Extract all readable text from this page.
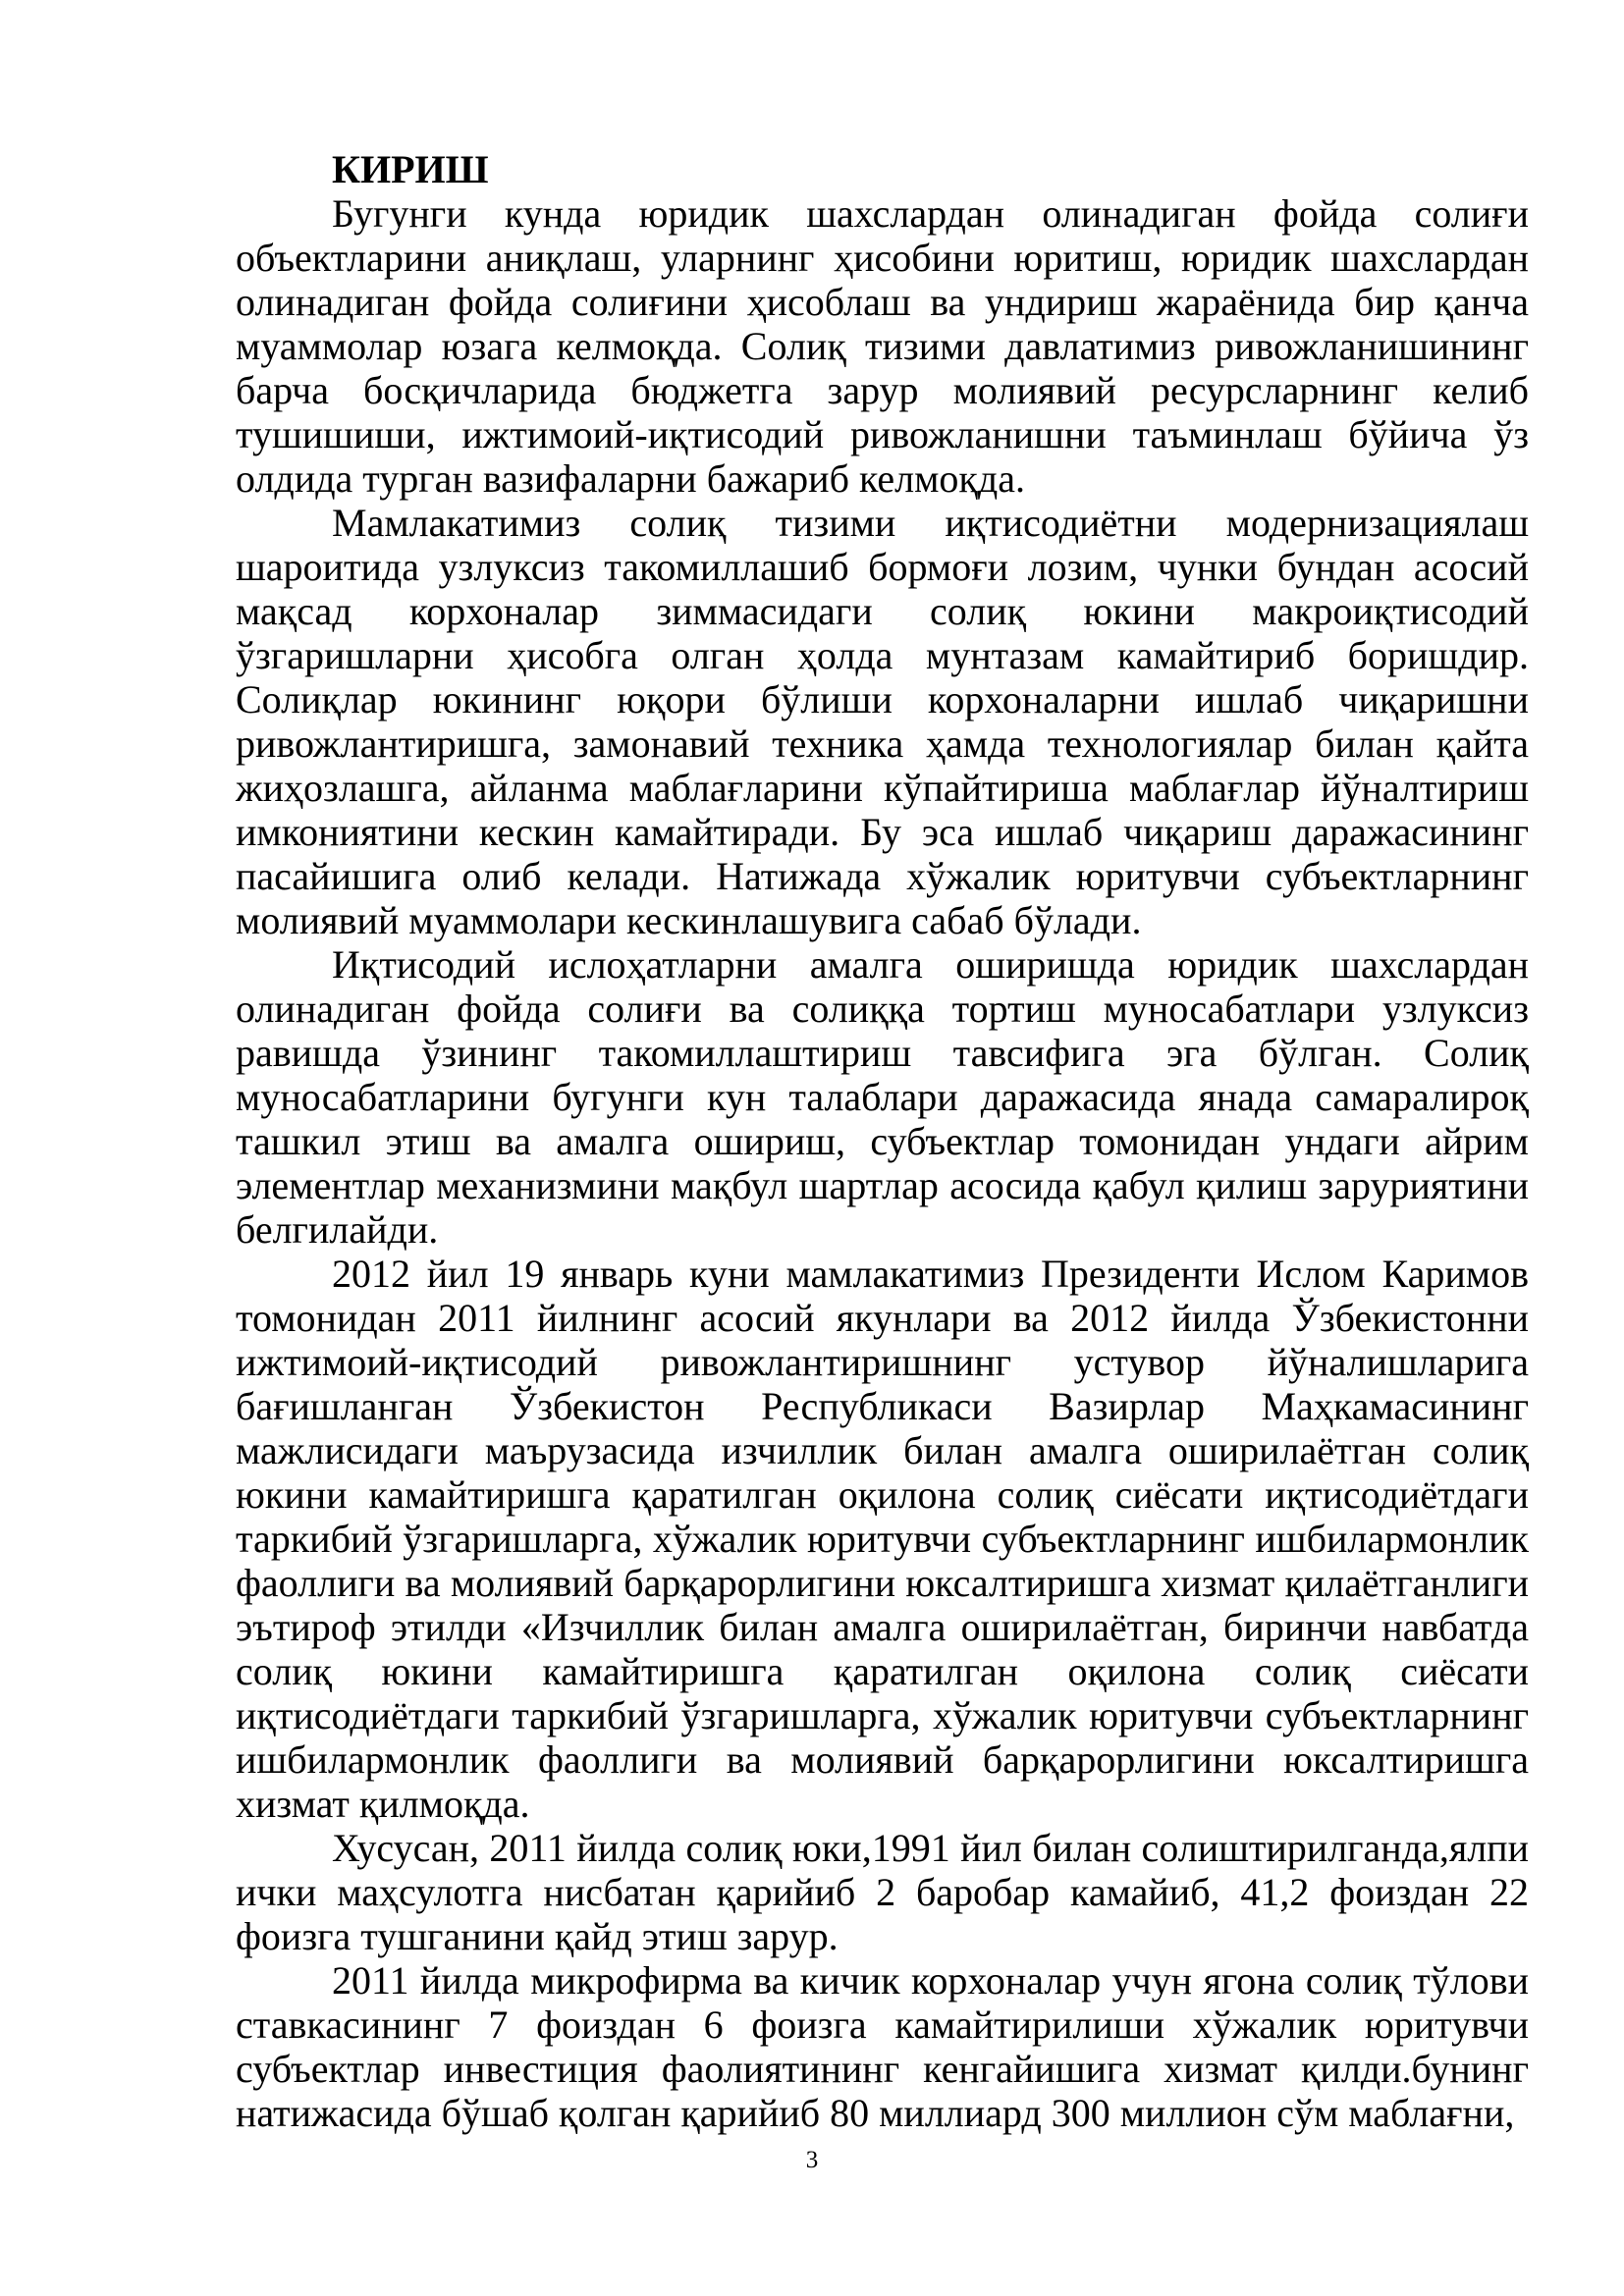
КИРИШ

Бугунги кунда юридик шахслардан олинадиган фойда солиғи объектларини аниқлаш, уларнинг ҳисобини юритиш, юридик шахслардан олинадиган фойда солиғини ҳисоблаш ва ундириш жараёнида бир қанча муаммолар юзага келмоқда. Солиқ тизими давлатимиз ривожланишининг барча босқичларида бюджетга зарур молиявий ресурсларнинг келиб тушишиши, ижтимоий-иқтисодий ривожланишни таъминлаш бўйича ўз олдида турган вазифаларни бажариб келмоқда.

Мамлакатимиз солиқ тизими иқтисодиётни модернизациялаш шароитида узлуксиз такомиллашиб бормоғи лозим, чунки бундан асосий мақсад корхоналар зиммасидаги солиқ юкини макроиқтисодий ўзгаришларни ҳисобга олган ҳолда мунтазам камайтириб боришдир. Солиқлар юкининг юқори бўлиши корхоналарни ишлаб чиқаришни ривожлантиришга, замонавий техника ҳамда технологиялар билан қайта жиҳозлашга, айланма маблағларини кўпайтириша маблағлар йўналтириш имкониятини кескин камайтиради. Бу эса ишлаб чиқариш даражасининг пасайишига олиб келади. Натижада хўжалик юритувчи субъектларнинг молиявий муаммолари кескинлашувига сабаб бўлади.

Иқтисодий ислоҳатларни амалга оширишда юридик шахслардан олинадиган фойда солиғи ва солиққа тортиш муносабатлари узлуксиз равишда ўзининг такомиллаштириш тавсифига эга бўлган. Солиқ муносабатларини бугунги кун талаблари даражасида янада самаралироқ ташкил этиш ва амалга ошириш, субъектлар томонидан ундаги айрим элементлар механизмини мақбул шартлар асосида қабул қилиш заруриятини белгилайди.

2012 йил 19 январь куни мамлакатимиз Президенти Ислом Каримов томонидан 2011 йилнинг асосий якунлари ва 2012 йилда Ўзбекистонни ижтимоий-иқтисодий ривожлантиришнинг устувор йўналишларига бағишланган Ўзбекистон Республикаси Вазирлар Маҳкамасининг мажлисидаги маърузасида изчиллик билан амалга оширилаётган солиқ юкини камайтиришга қаратилган оқилона солиқ сиёсати иқтисодиётдаги таркибий ўзгаришларга, хўжалик юритувчи субъектларнинг ишбилармонлик фаоллиги ва молиявий барқарорлигини юксалтиришга хизмат қилаётганлиги эътироф этилди «Изчиллик билан амалга оширилаётган, биринчи навбатда солиқ юкини камайтиришга қаратилган оқилона солиқ сиёсати иқтисодиётдаги таркибий ўзгаришларга, хўжалик юритувчи субъектларнинг ишбилармонлик фаоллиги ва молиявий барқарорлигини юксалтиришга хизмат қилмоқда.

Хусусан, 2011 йилда солиқ юки,1991 йил билан солиштирилганда,ялпи ички маҳсулотга нисбатан қарийиб 2 баробар камайиб, 41,2 фоиздан 22 фоизга тушганини қайд этиш зарур.

2011 йилда микрофирма ва кичик корхоналар учун ягона солиқ тўлови ставкасининг 7 фоиздан 6 фоизга камайтирилиши хўжалик юритувчи субъектлар инвестиция фаолиятининг кенгайишига хизмат қилди.бунинг натижасида бўшаб қолган қарийиб 80 миллиард 300 миллион сўм маблағни,

3
